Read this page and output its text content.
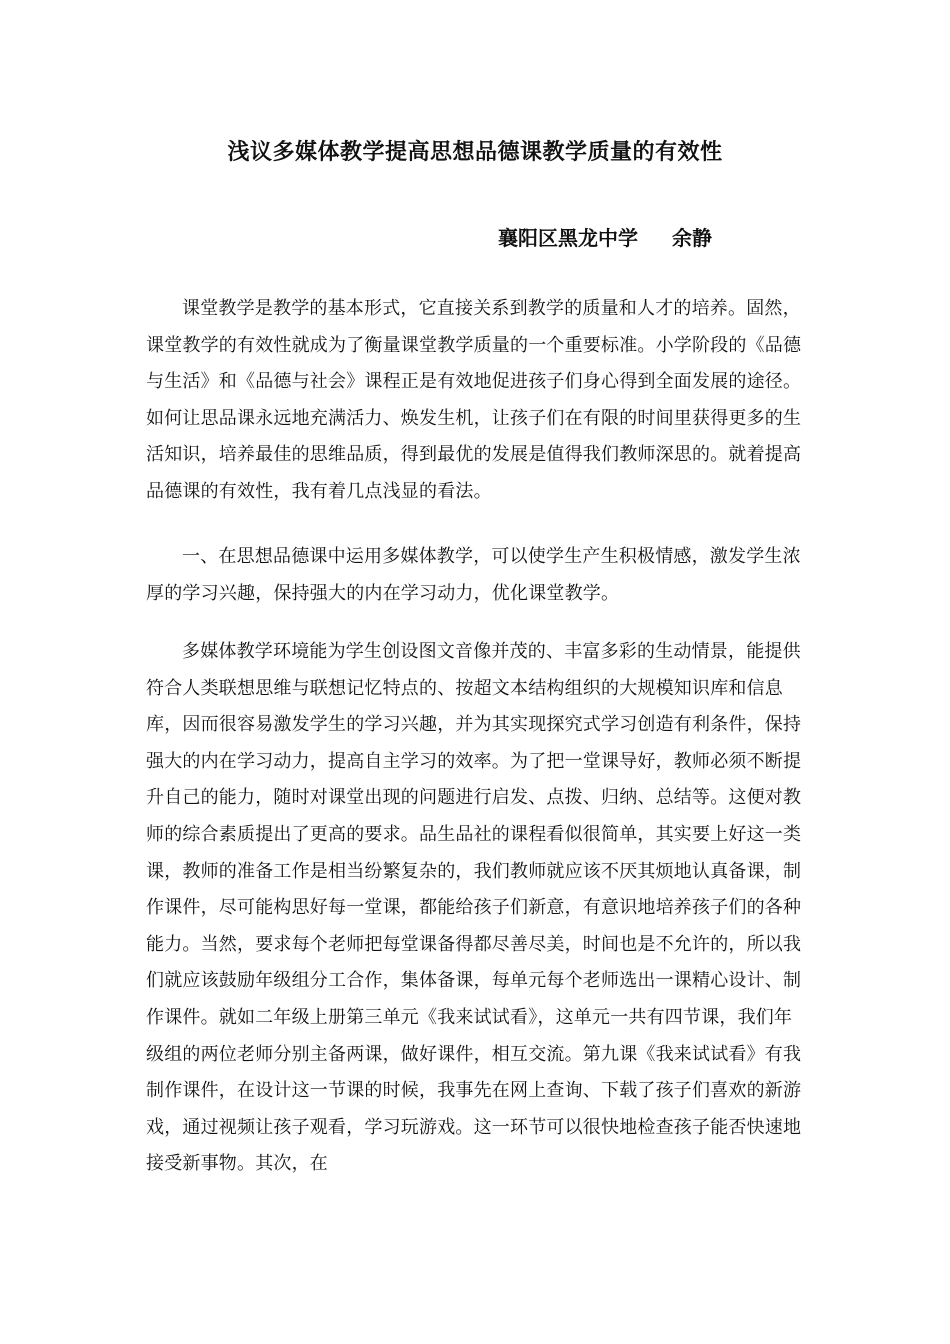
浅议多媒体教学提高思想品德课教学质量的有效性
襄阳区黑龙中学 余静

课堂教学是教学的基本形式，它直接关系到教学的质量和人才的培养。固然，课堂教学的有效性就成为了衡量课堂教学质量的一个重要标准。小学阶段的《品德与生活》和《品德与社会》课程正是有效地促进孩子们身心得到全面发展的途径。如何让思品课永远地充满活力、焕发生机，让孩子们在有限的时间里获得更多的生活知识，培养最佳的思维品质，得到最优的发展是值得我们教师深思的。就着提高品德课的有效性，我有着几点浅显的看法。

一、在思想品德课中运用多媒体教学，可以使学生产生积极情感，激发学生浓厚的学习兴趣，保持强大的内在学习动力，优化课堂教学。

多媒体教学环境能为学生创设图文音像并茂的、丰富多彩的生动情景，能提供符合人类联想思维与联想记忆特点的、按超文本结构组织的大规模知识库和信息库，因而很容易激发学生的学习兴趣，并为其实现探究式学习创造有利条件，保持强大的内在学习动力，提高自主学习的效率。为了把一堂课导好，教师必须不断提升自己的能力，随时对课堂出现的问题进行启发、点拨、归纳、总结等。这便对教师的综合素质提出了更高的要求。品生品社的课程看似很简单，其实要上好这一类课，教师的准备工作是相当纷繁复杂的，我们教师就应该不厌其烦地认真备课，制作课件，尽可能构思好每一堂课，都能给孩子们新意，有意识地培养孩子们的各种能力。当然，要求每个老师把每堂课备得都尽善尽美，时间也是不允许的，所以我们就应该鼓励年级组分工合作，集体备课，每单元每个老师选出一课精心设计、制作课件。就如二年级上册第三单元《我来试试看》，这单元一共有四节课，我们年级组的两位老师分别主备两课，做好课件，相互交流。第九课《我来试试看》有我制作课件，在设计这一节课的时候，我事先在网上查询、下载了孩子们喜欢的新游戏，通过视频让孩子观看，学习玩游戏。这一环节可以很快地检查孩子能否快速地接受新事物。其次，在
